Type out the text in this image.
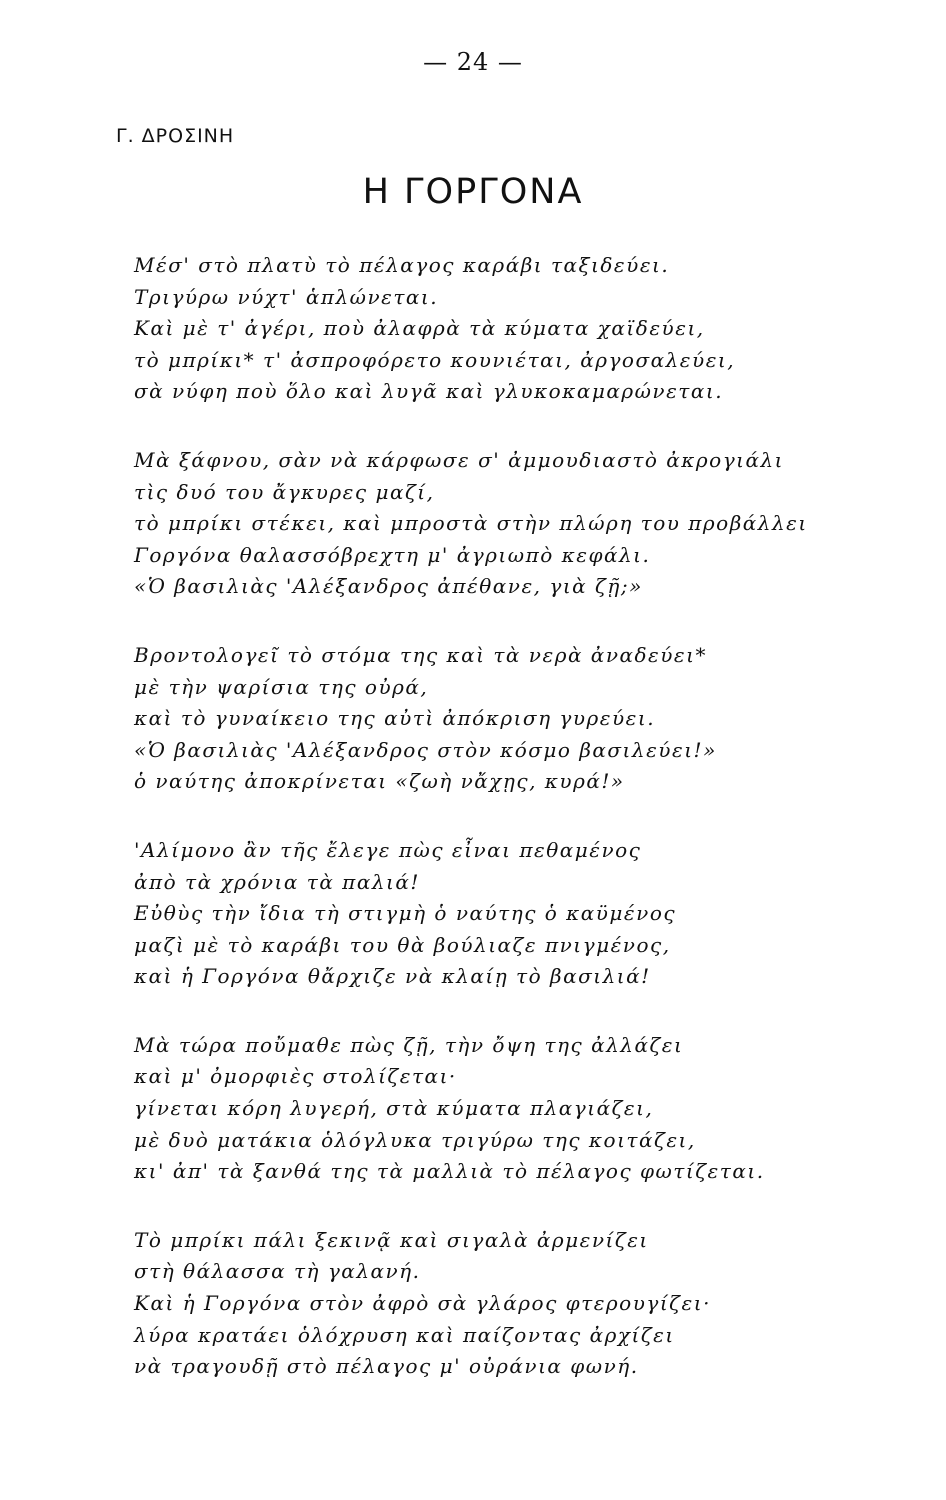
— 24 —
Γ. ΔΡΟΣΙΝΗ
Η ΓΟΡΓΟΝΑ
Μέσ' στὸ πλατὺ τὸ πέλαγος καράβι ταξιδεύει.
Τριγύρω νύχτ' ἁπλώνεται.
Καὶ μὲ τ' ἀγέρι, ποὺ ἀλαφρὰ τὰ κύματα χαϊδεύει,
τὸ μπρίκι* τ' ἀσπροφόρετο κουνιέται, ἀργοσαλεύει,
σὰ νύφη ποὺ ὅλο καὶ λυγᾶ καὶ γλυκοκαμαρώνεται.
Μὰ ξάφνου, σὰν νὰ κάρφωσε σ' ἀμμουδιαστὸ ἀκρογιάλι
τὶς δυό του ἄγκυρες μαζί,
τὸ μπρίκι στέκει, καὶ μπροστὰ στὴν πλώρη του προβάλλει
Γοργόνα θαλασσόβρεχτη μ' ἀγριωπὸ κεφάλι.
«Ὁ βασιλιὰς 'Αλέξανδρος ἀπέθανε, γιὰ ζῇ;»
Βροντολογεῖ τὸ στόμα της καὶ τὰ νερὰ ἀναδεύει*
μὲ τὴν ψαρίσια της οὐρά,
καὶ τὸ γυναίκειο της αὐτὶ ἀπόκριση γυρεύει.
«Ὁ βασιλιὰς 'Αλέξανδρος στὸν κόσμο βασιλεύει!»
ὁ ναύτης ἀποκρίνεται «ζωὴ νἄχῃς, κυρά!»
'Αλίμονο ἂν τῆς ἔλεγε πὼς εἶναι πεθαμένος
ἀπὸ τὰ χρόνια τὰ παλιά!
Εὐθὺς τὴν ἴδια τὴ στιγμὴ ὁ ναύτης ὁ καϋμένος
μαζὶ μὲ τὸ καράβι του θὰ βούλιαζε πνιγμένος,
καὶ ἡ Γοργόνα θἄρχιζε νὰ κλαίῃ τὸ βασιλιά!
Μὰ τώρα ποὔμαθε πὼς ζῇ, τὴν ὄψη της ἀλλάζει
καὶ μ' ὀμορφιὲς στολίζεται·
γίνεται κόρη λυγερή, στὰ κύματα πλαγιάζει,
μὲ δυὸ ματάκια ὁλόγλυκα τριγύρω της κοιτάζει,
κι' ἀπ' τὰ ξανθά της τὰ μαλλιὰ τὸ πέλαγος φωτίζεται.
Τὸ μπρίκι πάλι ξεκινᾷ καὶ σιγαλὰ ἀρμενίζει
στὴ θάλασσα τὴ γαλανή.
Καὶ ἡ Γοργόνα στὸν ἀφρὸ σὰ γλάρος φτερουγίζει·
λύρα κρατάει ὁλόχρυση καὶ παίζοντας ἀρχίζει
νὰ τραγουδῇ στὸ πέλαγος μ' οὐράνια φωνή.
